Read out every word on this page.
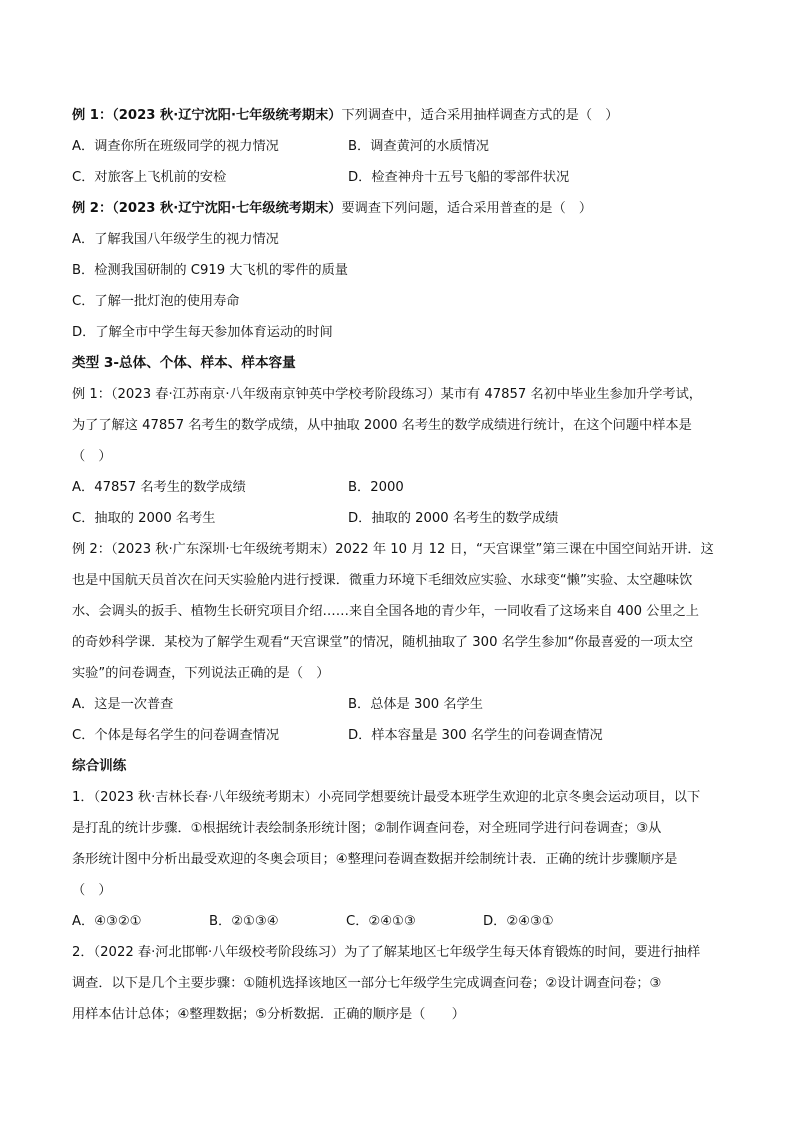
例 1：（2023 秋·辽宁沈阳·七年级统考期末）下列调查中，适合采用抽样调查方式的是（　）
A．调查你所在班级同学的视力情况	B．调查黄河的水质情况
C．对旅客上飞机前的安检	D．检查神舟十五号飞船的零部件状况
例 2：（2023 秋·辽宁沈阳·七年级统考期末）要调查下列问题，适合采用普查的是（　）
A．了解我国八年级学生的视力情况
B．检测我国研制的 C919 大飞机的零件的质量
C．了解一批灯泡的使用寿命
D．了解全市中学生每天参加体育运动的时间
类型 3-总体、个体、样本、样本容量
例 1：（2023 春·江苏南京·八年级南京钟英中学校考阶段练习）某市有 47857 名初中毕业生参加升学考试，
为了了解这 47857 名考生的数学成绩，从中抽取 2000 名考生的数学成绩进行统计，在这个问题中样本是
（　）
A．47857 名考生的数学成绩	B．2000
C．抽取的 2000 名考生	D．抽取的 2000 名考生的数学成绩
例 2：（2023 秋·广东深圳·七年级统考期末）2022 年 10 月 12 日，“天宫课堂”第三课在中国空间站开讲．这
也是中国航天员首次在问天实验舱内进行授课．微重力环境下毛细效应实验、水球变“懒”实验、太空趣味饮
水、会调头的扳手、植物生长研究项目介绍……来自全国各地的青少年，一同收看了这场来自 400 公里之上
的奇妙科学课．某校为了解学生观看“天宫课堂”的情况，随机抽取了 300 名学生参加“你最喜爱的一项太空
实验”的问卷调查，下列说法正确的是（　）
A．这是一次普查	B．总体是 300 名学生
C．个体是每名学生的问卷调查情况	D．样本容量是 300 名学生的问卷调查情况
综合训练
1．（2023 秋·吉林长春·八年级统考期末）小亮同学想要统计最受本班学生欢迎的北京冬奥会运动项目，以下
是打乱的统计步骤．①根据统计表绘制条形统计图；②制作调查问卷，对全班同学进行问卷调查；③从
条形统计图中分析出最受欢迎的冬奥会项目；④整理问卷调查数据并绘制统计表．正确的统计步骤顺序是
（　）
A．④③②①	B．②①③④	C．②④①③	D．②④③①
2．（2022 春·河北邯郸·八年级校考阶段练习）为了了解某地区七年级学生每天体育锻炼的时间，要进行抽样
调查．以下是几个主要步骤：①随机选择该地区一部分七年级学生完成调查问卷；②设计调查问卷；③
用样本估计总体；④整理数据；⑤分析数据．正确的顺序是（　　）
